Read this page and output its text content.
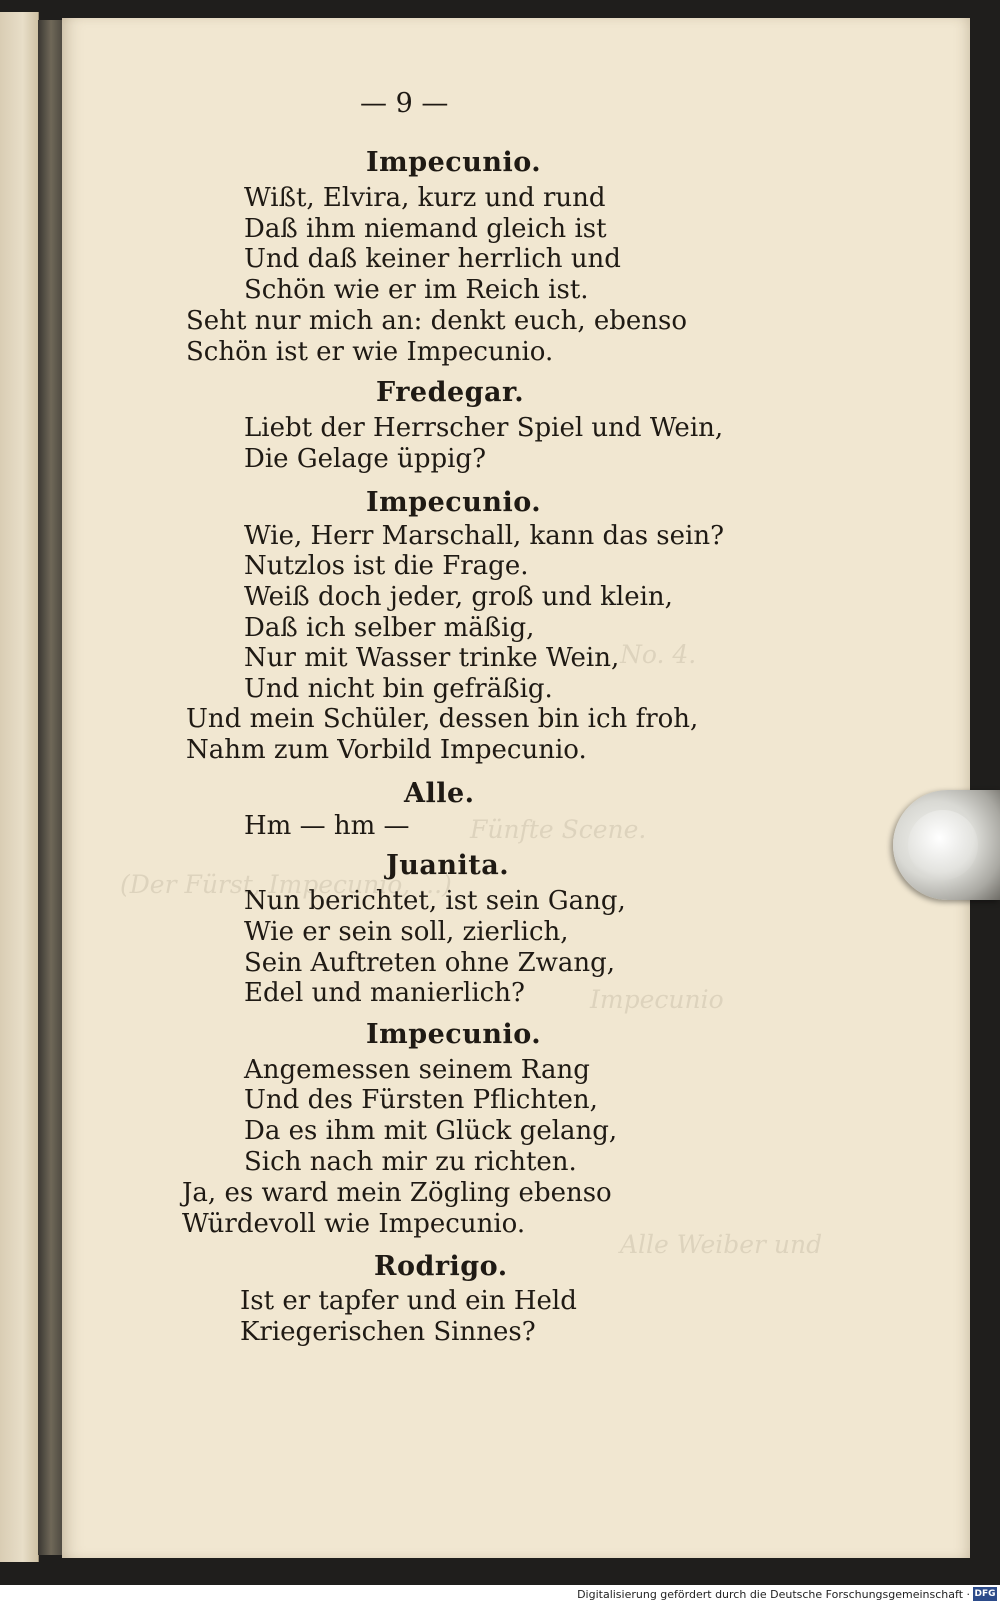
No. 4.
Fünfte Scene.
(Der Fürst, Impecunio, ...)
Impecunio
Alle Weiber und
— 9 —
Impecunio.
Wißt, Elvira, kurz und rund
Daß ihm niemand gleich ist
Und daß keiner herrlich und
Schön wie er im Reich ist.
Seht nur mich an: denkt euch, ebenso
Schön ist er wie Impecunio.
Fredegar.
Liebt der Herrscher Spiel und Wein,
Die Gelage üppig?
Impecunio.
Wie, Herr Marschall, kann das sein?
Nutzlos ist die Frage.
Weiß doch jeder, groß und klein,
Daß ich selber mäßig,
Nur mit Wasser trinke Wein,
Und nicht bin gefräßig.
Und mein Schüler, dessen bin ich froh,
Nahm zum Vorbild Impecunio.
Alle.
Hm — hm —
Juanita.
Nun berichtet, ist sein Gang,
Wie er sein soll, zierlich,
Sein Auftreten ohne Zwang,
Edel und manierlich?
Impecunio.
Angemessen seinem Rang
Und des Fürsten Pflichten,
Da es ihm mit Glück gelang,
Sich nach mir zu richten.
Ja, es ward mein Zögling ebenso
Würdevoll wie Impecunio.
Rodrigo.
Ist er tapfer und ein Held
Kriegerischen Sinnes?
Digitalisierung gefördert durch die Deutsche Forschungsgemeinschaft · DFG
